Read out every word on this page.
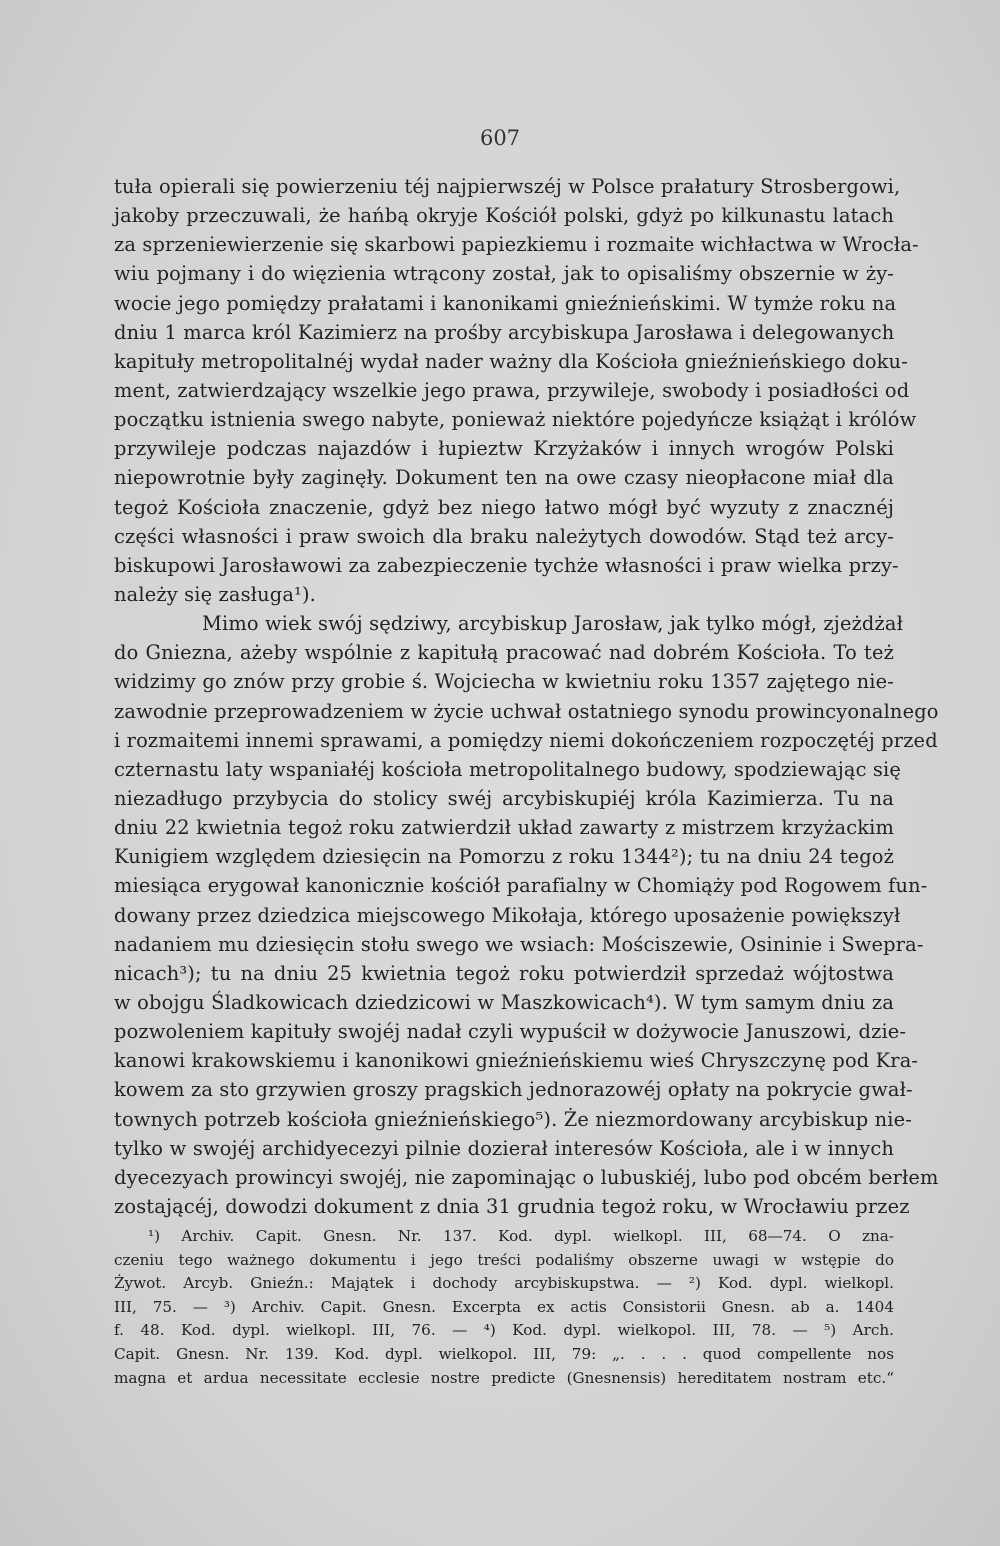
607
tuła opierali się powierzeniu téj najpierwszéj w Polsce prałatury Strosbergowi,
jakoby przeczuwali, że hańbą okryje Kościół polski, gdyż po kilkunastu latach
za sprzeniewierzenie się skarbowi papiezkiemu i rozmaite wichłactwa w Wrocła-
wiu pojmany i do więzienia wtrącony został, jak to opisaliśmy obszernie w ży-
wocie jego pomiędzy prałatami i kanonikami gnieźnieńskimi. W tymże roku na
dniu 1 marca król Kazimierz na prośby arcybiskupa Jarosława i delegowanych
kapituły metropolitalnéj wydał nader ważny dla Kościoła gnieźnieńskiego doku-
ment, zatwierdzający wszelkie jego prawa, przywileje, swobody i posiadłości od
początku istnienia swego nabyte, ponieważ niektóre pojedyńcze książąt i królów
przywileje podczas najazdów i łupieztw Krzyżaków i innych wrogów Polski
niepowrotnie były zaginęły. Dokument ten na owe czasy nieopłacone miał dla
tegoż Kościoła znaczenie, gdyż bez niego łatwo mógł być wyzuty z znacznéj
części własności i praw swoich dla braku należytych dowodów. Stąd też arcy-
biskupowi Jarosławowi za zabezpieczenie tychże własności i praw wielka przy-
należy się zasługa¹).
Mimo wiek swój sędziwy, arcybiskup Jarosław, jak tylko mógł, zjeżdżał
do Gniezna, ażeby wspólnie z kapitułą pracować nad dobrém Kościoła. To też
widzimy go znów przy grobie ś. Wojciecha w kwietniu roku 1357 zajętego nie-
zawodnie przeprowadzeniem w życie uchwał ostatniego synodu prowincyonalnego
i rozmaitemi innemi sprawami, a pomiędzy niemi dokończeniem rozpoczętéj przed
czternastu laty wspaniałéj kościoła metropolitalnego budowy, spodziewając się
niezadługo przybycia do stolicy swéj arcybiskupiéj króla Kazimierza. Tu na
dniu 22 kwietnia tegoż roku zatwierdził układ zawarty z mistrzem krzyżackim
Kunigiem względem dziesięcin na Pomorzu z roku 1344²); tu na dniu 24 tegoż
miesiąca erygował kanonicznie kościół parafialny w Chomiąży pod Rogowem fun-
dowany przez dziedzica miejscowego Mikołaja, którego uposażenie powiększył
nadaniem mu dziesięcin stołu swego we wsiach: Mościszewie, Osininie i Swepra-
nicach³); tu na dniu 25 kwietnia tegoż roku potwierdził sprzedaż wójtostwa
w obojgu Śladkowicach dziedzicowi w Maszkowicach⁴). W tym samym dniu za
pozwoleniem kapituły swojéj nadał czyli wypuścił w dożywocie Januszowi, dzie-
kanowi krakowskiemu i kanonikowi gnieźnieńskiemu wieś Chryszczynę pod Kra-
kowem za sto grzywien groszy pragskich jednorazowéj opłaty na pokrycie gwał-
townych potrzeb kościoła gnieźnieńskiego⁵). Że niezmordowany arcybiskup nie-
tylko w swojéj archidyecezyi pilnie dozierał interesów Kościoła, ale i w innych
dyecezyach prowincyi swojéj, nie zapominając o lubuskiéj, lubo pod obcém berłem
zostającéj, dowodzi dokument z dnia 31 grudnia tegoż roku, w Wrocławiu przez
¹) Archiv. Capit. Gnesn. Nr. 137. Kod. dypl. wielkopl. III, 68—74. O zna-
czeniu tego ważnego dokumentu i jego treści podaliśmy obszerne uwagi w wstępie do
Żywot. Arcyb. Gnieźn.: Majątek i dochody arcybiskupstwa. — ²) Kod. dypl. wielkopl.
III, 75. — ³) Archiv. Capit. Gnesn. Excerpta ex actis Consistorii Gnesn. ab a. 1404
f. 48. Kod. dypl. wielkopl. III, 76. — ⁴) Kod. dypl. wielkopol. III, 78. — ⁵) Arch.
Capit. Gnesn. Nr. 139. Kod. dypl. wielkopol. III, 79: „. . . . quod compellente nos
magna et ardua necessitate ecclesie nostre predicte (Gnesnensis) hereditatem nostram etc.“
